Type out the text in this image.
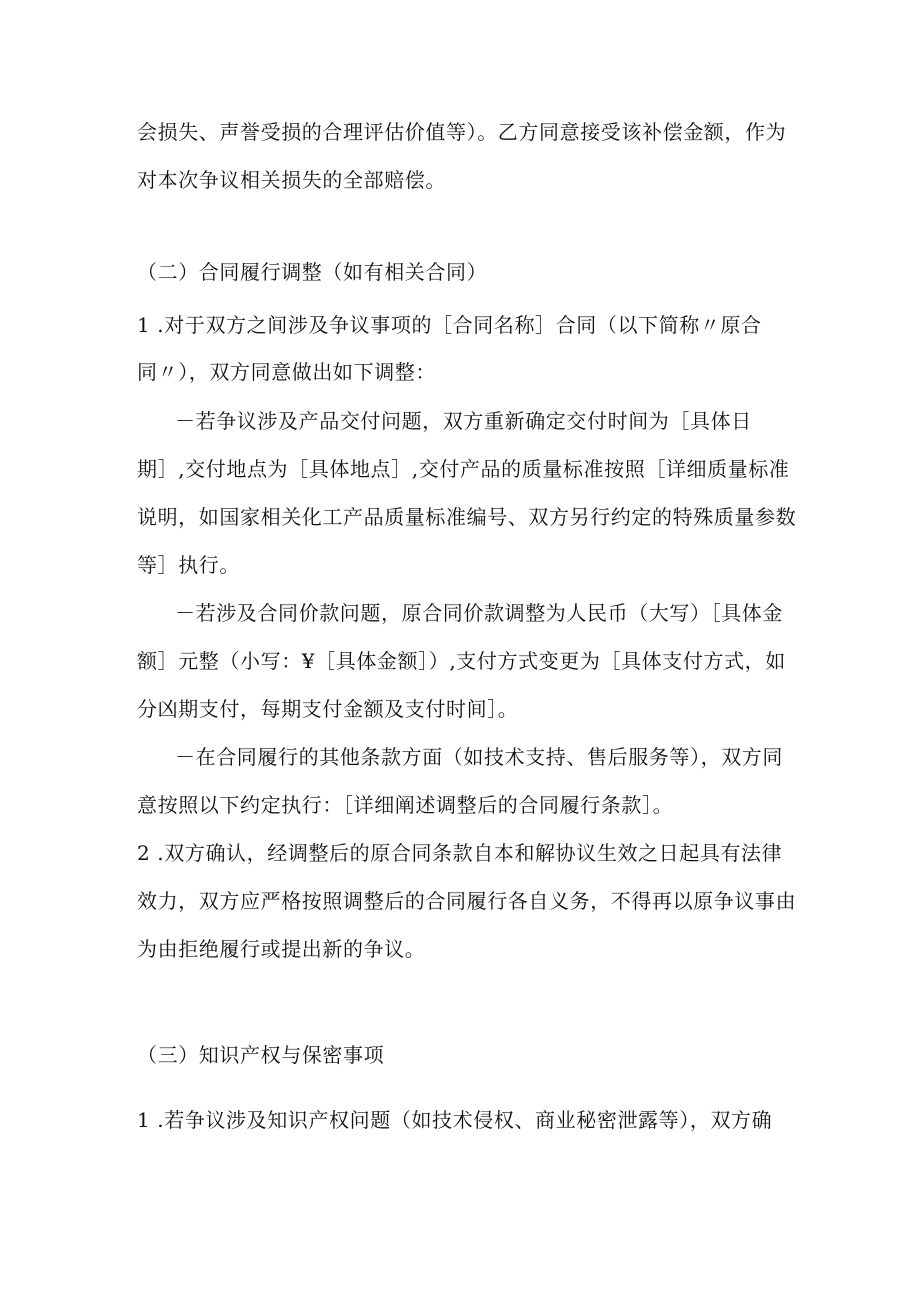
会损失、声誉受损的合理评估价值等）。乙方同意接受该补偿金额，作为
对本次争议相关损失的全部赔偿。
（二）合同履行调整（如有相关合同）
1 .对于双方之间涉及争议事项的［合同名称］合同（以下简称〃原合
同〃），双方同意做出如下调整：
－若争议涉及产品交付问题，双方重新确定交付时间为［具体日
期］,交付地点为［具体地点］,交付产品的质量标准按照［详细质量标准
说明，如国家相关化工产品质量标准编号、双方另行约定的特殊质量参数
等］执行。
－若涉及合同价款问题，原合同价款调整为人民币（大写）［具体金
额］元整（小写：¥［具体金额］）,支付方式变更为［具体支付方式，如
分凶期支付，每期支付金额及支付时间］。
－在合同履行的其他条款方面（如技术支持、售后服务等），双方同
意按照以下约定执行：［详细阐述调整后的合同履行条款］。
2 .双方确认，经调整后的原合同条款自本和解协议生效之日起具有法律
效力，双方应严格按照调整后的合同履行各自义务，不得再以原争议事由
为由拒绝履行或提出新的争议。
（三）知识产权与保密事项
1 .若争议涉及知识产权问题（如技术侵权、商业秘密泄露等），双方确
